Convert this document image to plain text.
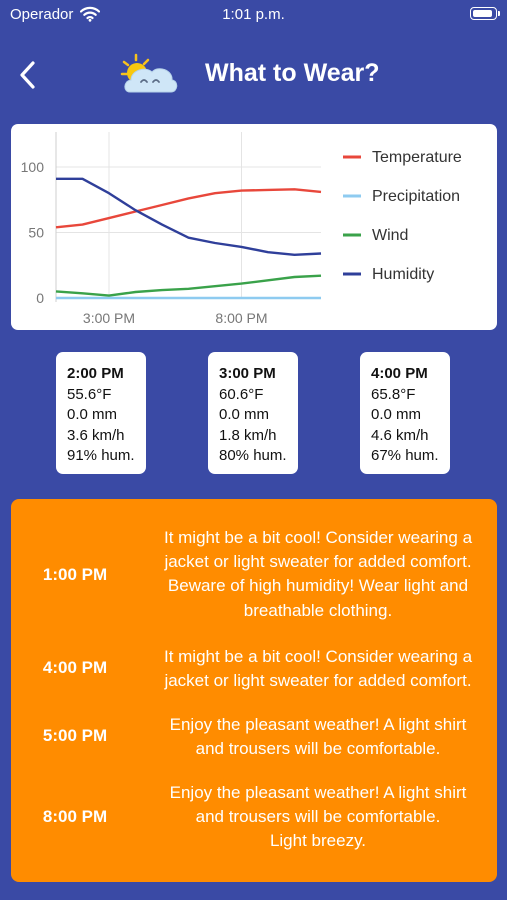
Operador	1:01 p.m.
What to Wear?
0
50
100
3:00 PM	8:00 PM
Temperature
Precipitation
Wind
Humidity
2:00 PM
55.6°F
0.0 mm
3.6 km/h
91% hum.
3:00 PM
60.6°F
0.0 mm
1.8 km/h
80% hum.
4:00 PM
65.8°F
0.0 mm
4.6 km/h
67% hum.
1:00 PM
It might be a bit cool! Consider wearing a
jacket or light sweater for added comfort.
Beware of high humidity! Wear light and
breathable clothing.
4:00 PM
It might be a bit cool! Consider wearing a
jacket or light sweater for added comfort.
5:00 PM
Enjoy the pleasant weather! A light shirt
and trousers will be comfortable.
8:00 PM
Enjoy the pleasant weather! A light shirt
and trousers will be comfortable.
Light breezy.
